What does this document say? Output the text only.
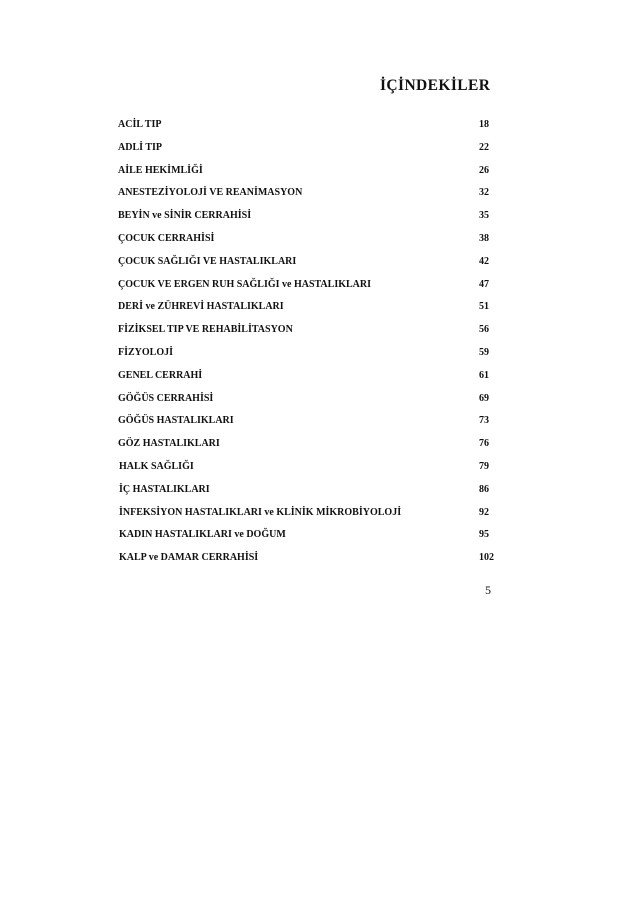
İÇİNDEKİLER
ACİL TIP	18
ADLİ TIP	22
AİLE HEKİMLİĞİ	26
ANESTEZİYOLOJİ VE REANİMASYON	32
BEYİN ve SİNİR CERRAHİSİ	35
ÇOCUK CERRAHİSİ	38
ÇOCUK SAĞLIĞI VE HASTALIKLARI	42
ÇOCUK VE ERGEN RUH SAĞLIĞI ve HASTALIKLARI	47
DERİ ve ZÜHREVİ HASTALIKLARI	51
FİZİKSEL TIP VE REHABİLİTASYON	56
FİZYOLOJİ	59
GENEL CERRAHİ	61
GÖĞÜS CERRAHİSİ	69
GÖĞÜS HASTALIKLARI	73
GÖZ HASTALIKLARI	76
HALK SAĞLIĞI	79
İÇ HASTALIKLARI	86
İNFEKSİYON HASTALIKLARI ve KLİNİK MİKROBİYOLOJİ	92
KADIN HASTALIKLARI ve DOĞUM	95
KALP ve DAMAR CERRAHİSİ	102
5
